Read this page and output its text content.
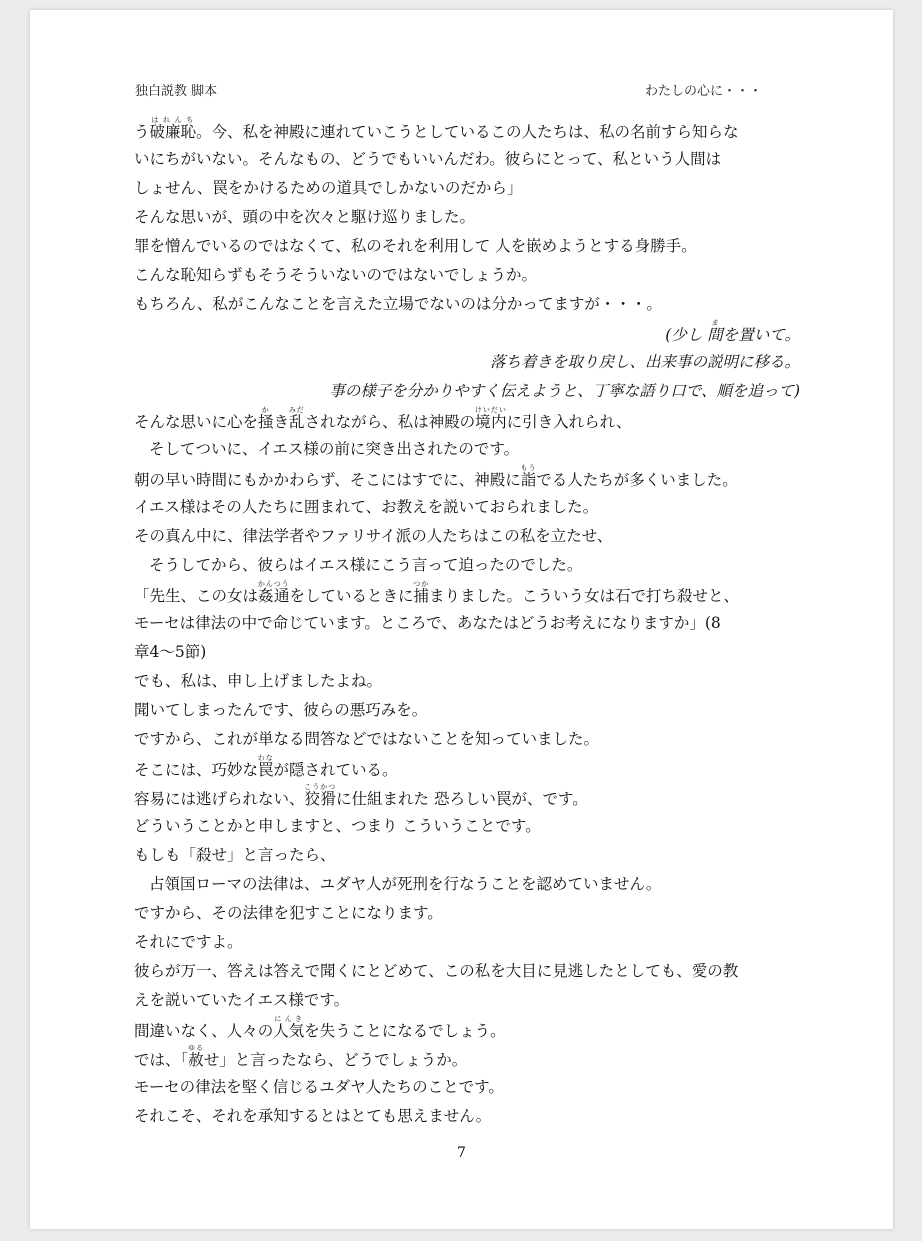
独白説教 脚本	わたしの心に・・・
う破廉恥はれんち。今、私を神殿に連れていこうとしているこの人たちは、私の名前すら知らな
いにちがいない。そんなもの、どうでもいいんだわ。彼らにとって、私という人間は
しょせん、罠をかけるための道具でしかないのだから」
そんな思いが、頭の中を次々と駆け巡りました。
罪を憎んでいるのではなくて、私のそれを利用して 人を嵌めようとする身勝手。
こんな恥知らずもそうそういないのではないでしょうか。
もちろん、私がこんなことを言えた立場でないのは分かってますが・・・。
(少し 間まを置いて。
落ち着きを取り戻し、出来事の説明に移る。
事の様子を分かりやすく伝えようと、丁寧な語り口で、順を追って)
そんな思いに心を掻かき乱みだされながら、私は神殿の境内けいだいに引き入れられ、
そしてついに、イエス様の前に突き出されたのです。
朝の早い時間にもかかわらず、そこにはすでに、神殿に詣もうでる人たちが多くいました。
イエス様はその人たちに囲まれて、お教えを説いておられました。
その真ん中に、律法学者やファリサイ派の人たちはこの私を立たせ、
そうしてから、彼らはイエス様にこう言って迫ったのでした。
「先生、この女は姦通かんつうをしているときに捕つかまりました。こういう女は石で打ち殺せと、
モーセは律法の中で命じています。ところで、あなたはどうお考えになりますか」(8
章4〜5節)
でも、私は、申し上げましたよね。
聞いてしまったんです、彼らの悪巧みを。
ですから、これが単なる問答などではないことを知っていました。
そこには、巧妙な罠わなが隠されている。
容易には逃げられない、狡猾こうかつに仕組まれた 恐ろしい罠が、です。
どういうことかと申しますと、つまり こういうことです。
もしも「殺せ」と言ったら、
占領国ローマの法律は、ユダヤ人が死刑を行なうことを認めていません。
ですから、その法律を犯すことになります。
それにですよ。
彼らが万一、答えは答えで聞くにとどめて、この私を大目に見逃したとしても、愛の教
えを説いていたイエス様です。
間違いなく、人々の人気にんきを失うことになるでしょう。
では、「赦ゆるせ」と言ったなら、どうでしょうか。
モーセの律法を堅く信じるユダヤ人たちのことです。
それこそ、それを承知するとはとても思えません。
7
